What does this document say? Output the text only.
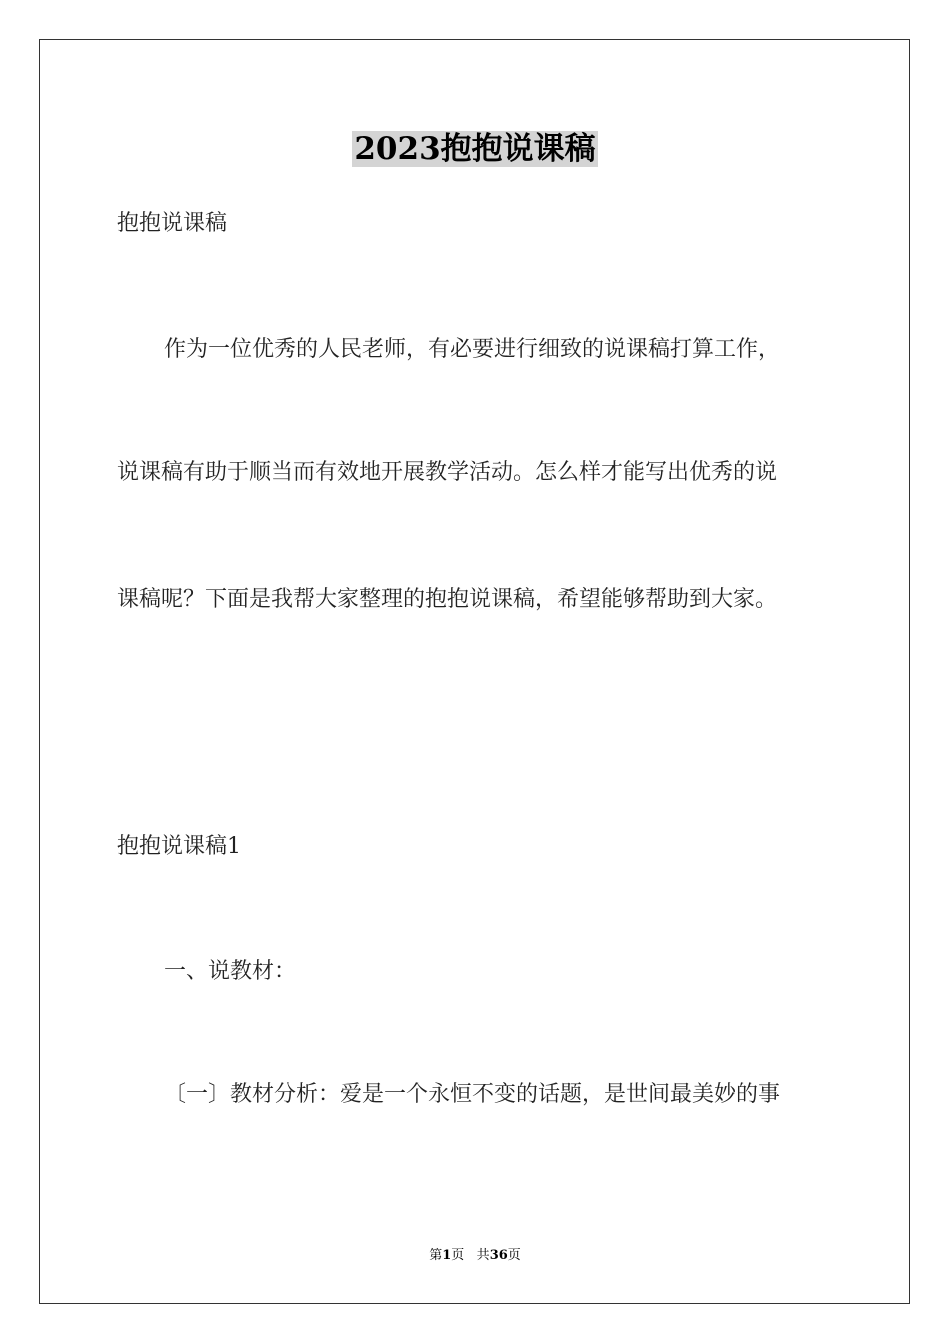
2023抱抱说课稿
抱抱说课稿
作为一位优秀的人民老师，有必要进行细致的说课稿打算工作，
说课稿有助于顺当而有效地开展教学活动。怎么样才能写出优秀的说
课稿呢？下面是我帮大家整理的抱抱说课稿，希望能够帮助到大家。
抱抱说课稿1
一、说教材：
〔一〕教材分析：爱是一个永恒不变的话题，是世间最美妙的事
第1页 共36页
